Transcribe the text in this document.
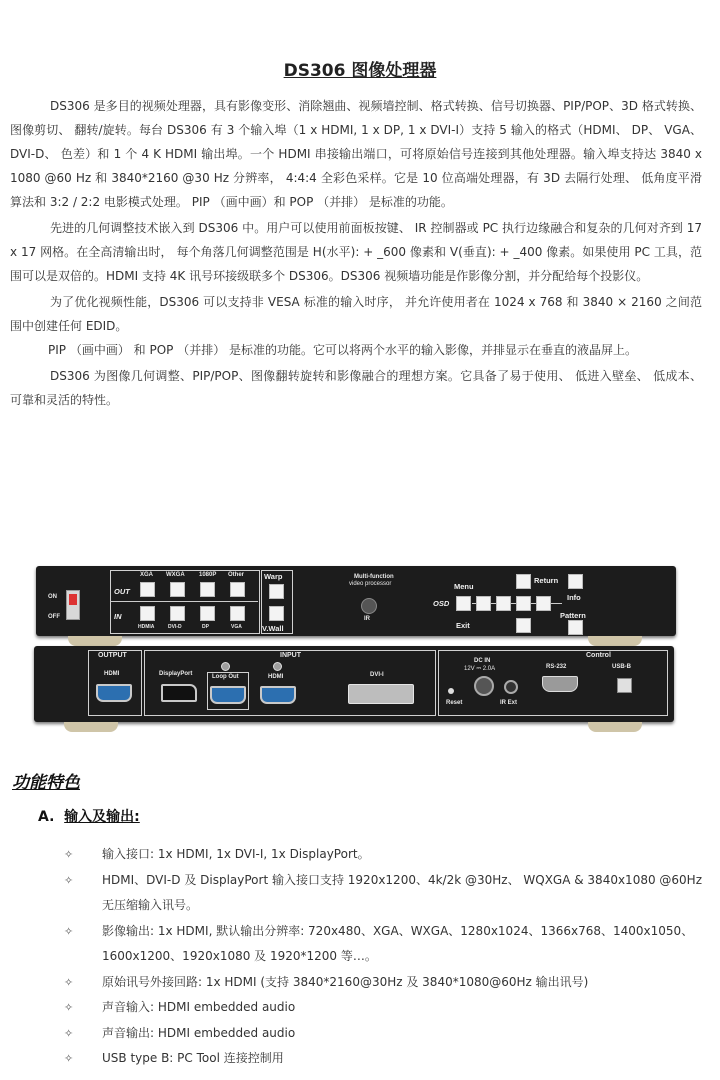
DS306 图像处理器

DS306 是多目的视频处理器，具有影像变形、消除翘曲、视频墙控制、格式转换、信号切换器、PIP/POP、3D 格式转换、 图像剪切、 翻转/旋转。每台 DS306 有 3 个输入埠（1 x HDMI, 1 x DP, 1 x DVI-I）支持 5 输入的格式（HDMI、 DP、 VGA、 DVI-D、 色差）和 1 个 4 K HDMI 输出埠。一个 HDMI 串接输出端口，可将原始信号连接到其他处理器。输入埠支持达 3840 x 1080 @60 Hz 和 3840*2160 @30 Hz 分辨率， 4:4:4 全彩色采样。它是 10 位高端处理器，有 3D 去隔行处理、 低角度平滑算法和 3:2 / 2:2 电影模式处理。 PIP （画中画）和 POP （并排） 是标准的功能。

先进的几何调整技术嵌入到 DS306 中。用户可以使用前面板按键、 IR 控制器或 PC 执行边缘融合和复杂的几何对齐到 17 x 17 网格。在全高清输出时， 每个角落几何调整范围是 H(水平): + _600 像素和 V(垂直): + _400 像素。如果使用 PC 工具，范围可以是双倍的。HDMI 支持 4K 讯号环接级联多个 DS306。DS306 视频墙功能是作影像分割，并分配给每个投影仪。

为了优化视频性能，DS306 可以支持非 VESA 标准的输入时序， 并允许使用者在 1024 x 768 和 3840 × 2160 之间范围中创建任何 EDID。

PIP （画中画） 和 POP （并排） 是标准的功能。它可以将两个水平的输入影像，并排显示在垂直的液晶屏上。

DS306 为图像几何调整、PIP/POP、图像翻转旋转和影像融合的理想方案。它具备了易于使用、 低进入壁垒、 低成本、 可靠和灵活的特性。

ON
OFF
OUT
IN
XGA WXGA 1080P Other
HDMIA	DVI-D	DP	VGA
Warp
V.Wall
Multi-function
video processor
IR
Menu
OSD
Exit
Return
Info
Pattern
OUTPUT
HDMI
INPUT
DisplayPort	Loop Out	HDMI	DVI-I
Control
DC IN
12V ⎓ 2.0A
Reset	IR Ext
RS-232	USB-B
功能特色
A. 输入及输出:
✧ 输入接口: 1x HDMI, 1x DVI-I, 1x DisplayPort。
✧ HDMI、DVI-D 及 DisplayPort 输入接口支持 1920x1200、4k/2k @30Hz、 WQXGA & 3840x1080 @60Hz 无压缩输入讯号。
✧ 影像输出: 1x HDMI, 默认输出分辨率: 720x480、XGA、WXGA、1280x1024、1366x768、1400x1050、1600x1200、1920x1080 及 1920*1200 等…。
✧ 原始讯号外接回路: 1x HDMI (支持 3840*2160@30Hz 及 3840*1080@60Hz 输出讯号)
✧ 声音输入: HDMI embedded audio
✧ 声音输出: HDMI embedded audio
✧ USB type B: PC Tool 连接控制用
